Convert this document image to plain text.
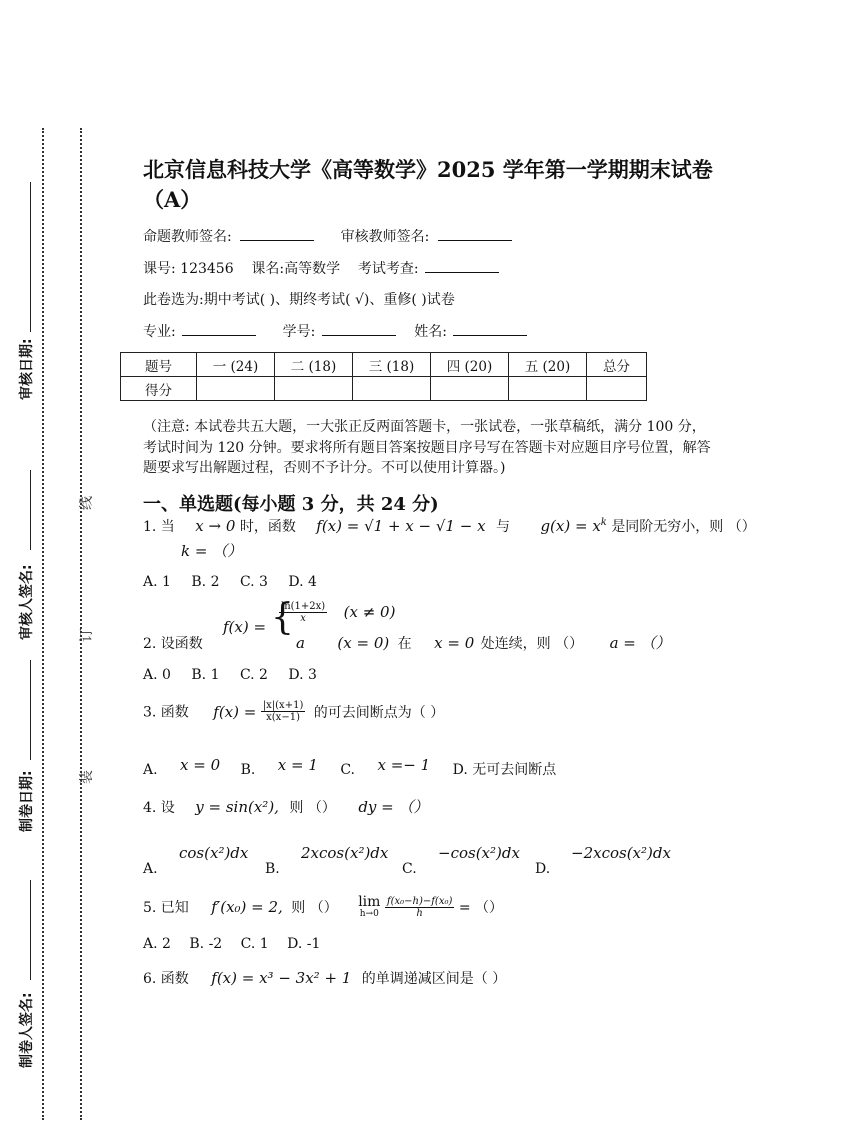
审核日期:
审核人签名:
制卷日期:
制卷人签名:
线
订
装
北京信息科技大学《高等数学》2025 学年第一学期期末试卷
（A）
命题教师签名:	审核教师签名:
课号: 123456    课名:高等数学    考试考查:
此卷选为:期中考试( )、期终考试( √)、重修( )试卷
专业:	学号:	姓名:
题号	一 (24)	二 (18)	三 (18)	四 (20)	五 (20)	总分
得分						
（注意: 本试卷共五大题，一大张正反两面答题卡，一张试卷，一张草稿纸，满分 100 分，
考试时间为 120 分钟。要求将所有题目答案按题目序号写在答题卡对应题目序号位置，解答
题要求写出解题过程，否则不予计分。不可以使用计算器。)
一、单选题(每小题 3 分，共 24 分)
1. 当 x → 0 时，函数 f(x) = √1 + x − √1 − x 与 $g(x) = x^k$ 是同阶无穷小，则 （）
k = （）
A. 1 B. 2 C. 3 D. 4
2. 设函数
f(x) = {
$\frac{\ln(1+2x)}{x} (x \ne 0)$
a (x = 0) 在 x = 0 处连续，则 （） a = （）
A. 0 B. 1 C. 2 D. 3
3. 函数 $f(x) = \frac{|x|(x+1)}{x(x-1)}$ 的可去间断点为（ ）
A. x = 0 B. x = 1 C. x =− 1 D. 无可去间断点
4. 设 y = sin(x²), 则 （） dy = （）
cos(x²)dx	2xcos(x²)dx	−cos(x²)dx	−2xcos(x²)dx
A.	B.	C.	D.
5. 已知 f′(x₀) = 2, 则 （） lim
h→0
$\frac{\text{f(x₀−h)−f(x₀)}}{h}$ = （）
A. 2 B. -2 C. 1 D. -1
6. 函数 f(x) = x³ − 3x² + 1 的单调递减区间是（ ）
